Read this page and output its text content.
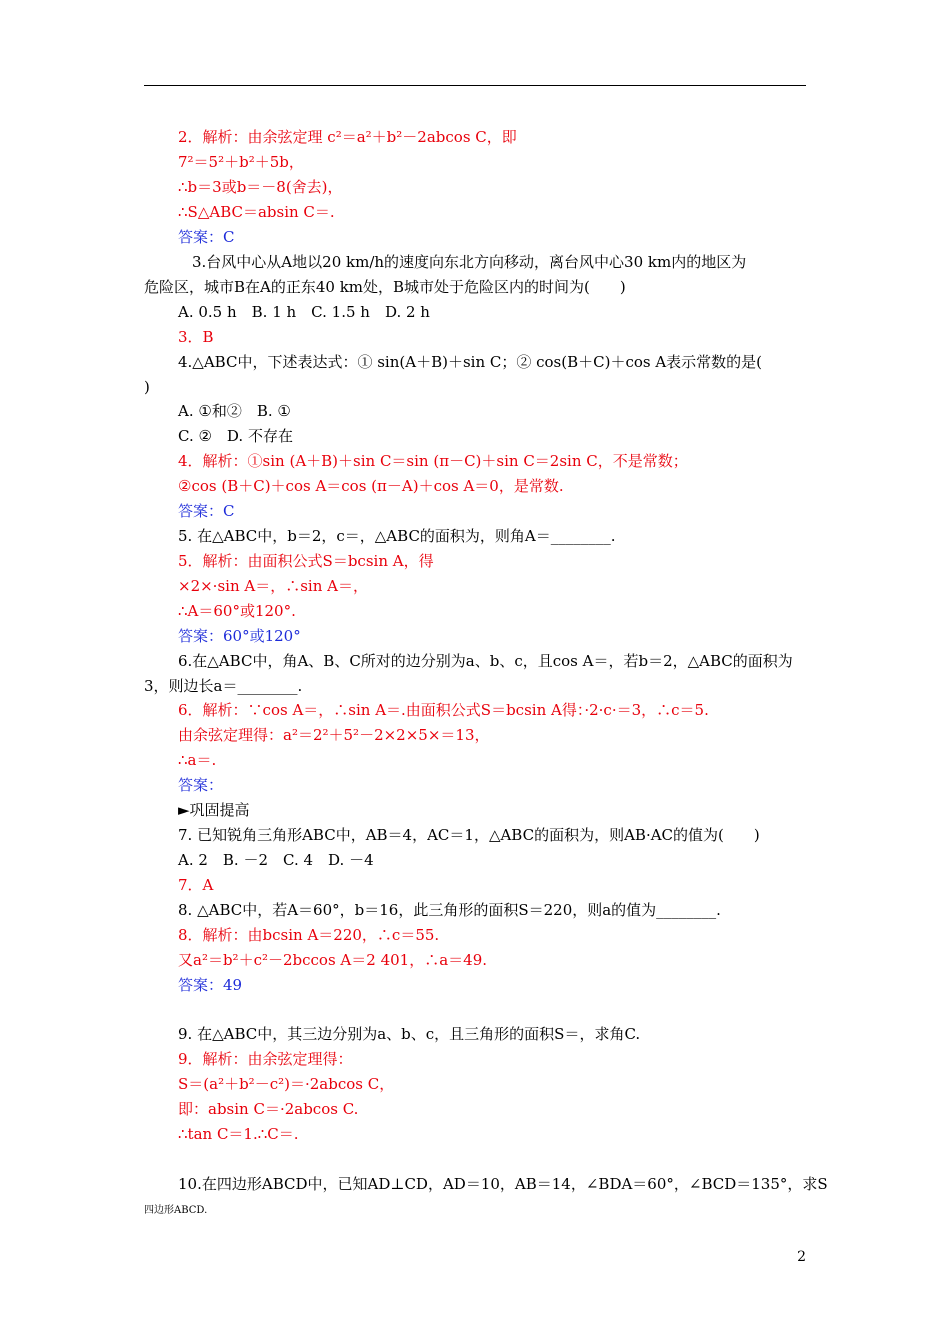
2．解析：由余弦定理 c²＝a²＋b²－2abcos C，即
7²＝5²＋b²＋5b，
∴b＝3或b＝－8(舍去)，
∴S△ABC＝absin C＝.
答案：C
3.台风中心从A地以20 km/h的速度向东北方向移动，离台风中心30 km内的地区为
危险区，城市B在A的正东40 km处，B城市处于危险区内的时间为(　　)
A. 0.5 h　B. 1 h　C. 1.5 h　D. 2 h
3．B
4.△ABC中，下述表达式：① sin(A＋B)＋sin C；② cos(B＋C)＋cos A表示常数的是(
)
A. ①和②　B. ①
C. ②　D. 不存在
4．解析：①sin (A＋B)＋sin C＝sin (π－C)＋sin C＝2sin C，不是常数；
②cos (B＋C)＋cos A＝cos (π－A)＋cos A＝0，是常数.
答案：C
5. 在△ABC中，b＝2，c＝，△ABC的面积为，则角A＝________.
5．解析：由面积公式S＝bcsin A，得
×2×·sin A＝，∴sin A＝，
∴A＝60°或120°.
答案：60°或120°
6.在△ABC中，角A、B、C所对的边分别为a、b、c，且cos A＝，若b＝2，△ABC的面积为
3，则边长a＝________.
6．解析：∵cos A＝，∴sin A＝.由面积公式S＝bcsin A得：·2·c·＝3，∴c＝5.
由余弦定理得：a²＝2²＋5²－2×2×5×＝13，
∴a＝.
答案：
►巩固提高
7. 已知锐角三角形ABC中，AB＝4，AC＝1，△ABC的面积为，则AB·AC的值为(　　)
A. 2　B. －2　C. 4　D. －4
7．A
8. △ABC中，若A＝60°，b＝16，此三角形的面积S＝220，则a的值为________.
8．解析：由bcsin A＝220，∴c＝55.
又a²＝b²＋c²－2bccos A＝2 401，∴a＝49.
答案：49
9. 在△ABC中，其三边分别为a、b、c，且三角形的面积S＝，求角C.
9．解析：由余弦定理得：
S＝(a²＋b²－c²)＝·2abcos C，
即：absin C＝·2abcos C.
∴tan C＝1.∴C＝.
10.在四边形ABCD中，已知AD⊥CD，AD＝10，AB＝14，∠BDA＝60°，∠BCD＝135°，求S
四边形ABCD.
2
